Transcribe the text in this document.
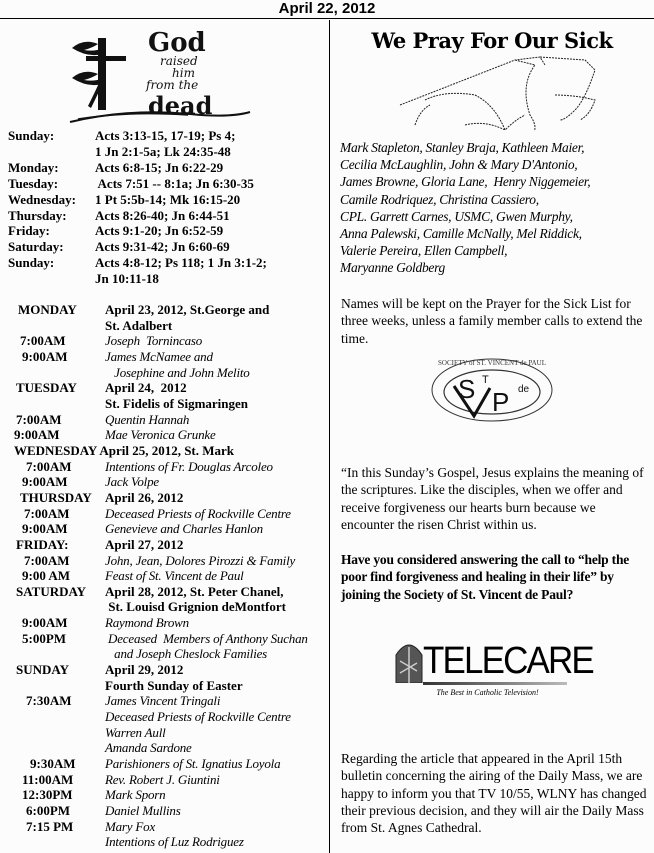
April 22, 2012
God
raised
him
from the
dead
Sunday:	Acts 3:13-15, 17-19; Ps 4;
1 Jn 2:1-5a; Lk 24:35-48
Monday:	Acts 6:8-15; Jn 6:22-29
Tuesday:	Acts 7:51 -- 8:1a; Jn 6:30-35
Wednesday:	1 Pt 5:5b-14; Mk 16:15-20
Thursday:	Acts 8:26-40; Jn 6:44-51
Friday:	Acts 9:1-20; Jn 6:52-59
Saturday:	Acts 9:31-42; Jn 6:60-69
Sunday:	Acts 4:8-12; Ps 118; 1 Jn 3:1-2;
Jn 10:11-18
MONDAY	April 23, 2012, St.George and
St. Adalbert
7:00AM	Joseph  Tornincaso
9:00AM	James McNamee and
Josephine and John Melito
TUESDAY	April 24,  2012
St. Fidelis of Sigmaringen
7:00AM	Quentin Hannah
9:00AM	Mae Veronica Grunke
WEDNESDAY April 25, 2012, St. Mark
7:00AM	Intentions of Fr. Douglas Arcoleo
9:00AM	Jack Volpe
THURSDAY	April 26, 2012
7:00AM	Deceased Priests of Rockville Centre
9:00AM	Genevieve and Charles Hanlon
FRIDAY:	April 27, 2012
7:00AM	John, Jean, Dolores Pirozzi & Family
9:00 AM	Feast of St. Vincent de Paul
SATURDAY	April 28, 2012, St. Peter Chanel,
St. Louisd Grignion deMontfort
9:00AM	Raymond Brown
5:00PM	Deceased  Members of Anthony Suchan
and Joseph Cheslock Families
SUNDAY	April 29, 2012
Fourth Sunday of Easter
7:30AM	James Vincent Tringali
Deceased Priests of Rockville Centre
Warren Aull
Amanda Sardone
9:30AM	Parishioners of St. Ignatius Loyola
11:00AM	Rev. Robert J. Giuntini
12:30PM	Mark Sporn
6:00PM	Daniel Mullins
7:15 PM	Mary Fox
Intentions of Luz Rodriguez
We Pray For Our Sick
Mark Stapleton, Stanley Braja, Kathleen Maier,
Cecilia McLaughlin, John & Mary D'Antonio,
James Browne, Gloria Lane,  Henry Niggemeier,
Camile Rodriquez, Christina Cassiero,
CPL. Garrett Carnes, USMC, Gwen Murphy,
Anna Palewski, Camille McNally, Mel Riddick,
Valerie Pereira, Ellen Campbell,
Maryanne Goldberg
Names will be kept on the Prayer for the Sick List for three weeks, unless a family member calls to extend the time.
SOCIETY of ST. VINCENT de PAUL
S T
P de
“In this Sunday’s Gospel, Jesus explains the meaning of the scriptures. Like the disciples, when we offer and receive forgiveness our hearts burn because we encounter the risen Christ within us.
Have you considered answering the call to “help the poor find forgiveness and healing in their life” by joining the Society of St. Vincent de Paul?
TELECARE
The Best in Catholic Television!
Regarding the article that appeared in the April 15th bulletin concerning the airing of the Daily Mass, we are happy to inform you that TV 10/55, WLNY has changed their previous decision, and they will air the Daily Mass from St. Agnes Cathedral.
